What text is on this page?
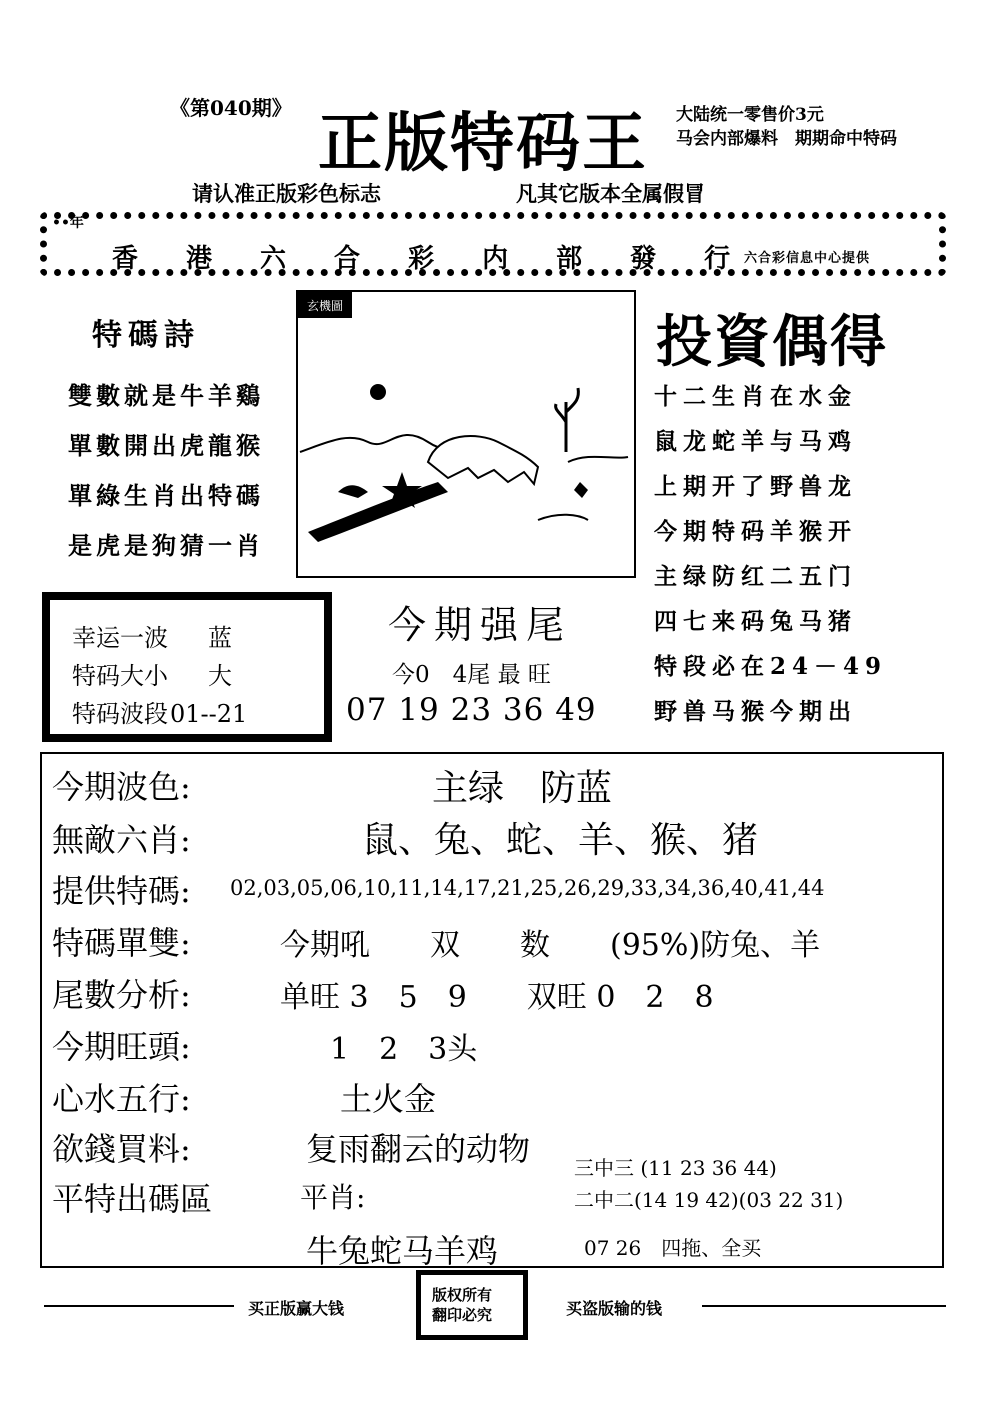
《第040期》 正版特码王 大陆统一零售价3元
马会内部爆料　期期命中特码
请认准正版彩色标志	凡其它版本全属假冒
••年
香 港 六 合 彩 内 部 發 行 六合彩信息中心提供
特碼詩
雙數就是牛羊鷄
單數開出虎龍猴
單綠生肖出特碼
是虎是狗猜一肖
玄機圖
投資偶得
十二生肖在水金
鼠龙蛇羊与马鸡
上期开了野兽龙
今期特码羊猴开
主绿防红二五门
四七来码兔马猪
特段必在24－49
野兽马猴今期出
幸运一波 蓝
特码大小 大
特码波段01--21
今期强尾
今0　4尾 最 旺
07 19 23 36 49
今期波色:	主绿　防蓝
無敵六肖:	鼠、兔、蛇、羊、猴、猪
提供特碼: 02,03,05,06,10,11,14,17,21,25,26,29,33,34,36,40,41,44
特碼單雙:	今期吼　　双　　数　　(95%)防兔、羊
尾數分析:	单旺 3　5　9　　双旺 0　2　8
今期旺頭:	1　2　3头
心水五行:	土火金
欲錢買料:	复雨翻云的动物
平特出碼區	平肖:
牛兔蛇马羊鸡
三中三 (11 23 36 44)
二中二(14 19 42)(03 22 31)
07 26　四拖、全买
买正版赢大钱
版权所有
翻印必究	买盗版输的钱
